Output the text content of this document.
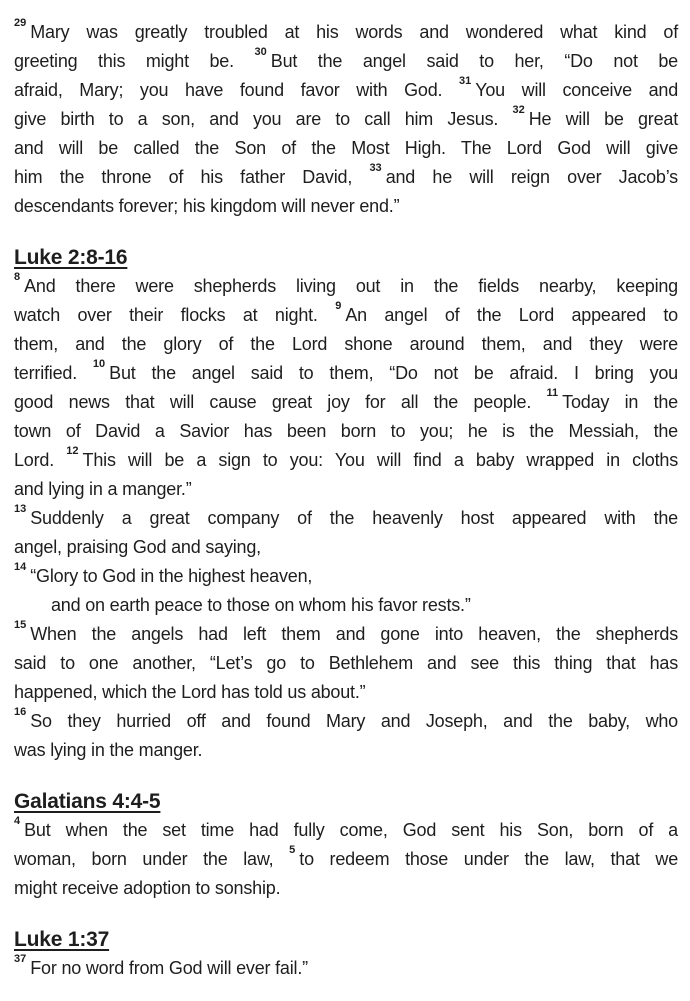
$^{29}$ Mary was greatly troubled at his words and wondered what kind of
greeting this might be. $^{30}$ But the angel said to her, “Do not be
afraid, Mary; you have found favor with God. $^{31}$ You will conceive and
give birth to a son, and you are to call him Jesus. $^{32}$ He will be great
and will be called the Son of the Most High. The Lord God will give
him the throne of his father David, $^{33}$ and he will reign over Jacob’s
descendants forever; his kingdom will never end.”
Luke 2:8-16
$^8$ And there were shepherds living out in the fields nearby, keeping
watch over their flocks at night. $^9$ An angel of the Lord appeared to
them, and the glory of the Lord shone around them, and they were
terrified. $^{10}$ But the angel said to them, “Do not be afraid. I bring you
good news that will cause great joy for all the people. $^{11}$ Today in the
town of David a Savior has been born to you; he is the Messiah, the
Lord. $^{12}$ This will be a sign to you: You will find a baby wrapped in cloths
and lying in a manger.”
$^{13}$ Suddenly a great company of the heavenly host appeared with the
angel, praising God and saying,
$^{14}$ “Glory to God in the highest heaven,
and on earth peace to those on whom his favor rests.”
$^{15}$ When the angels had left them and gone into heaven, the shepherds
said to one another, “Let’s go to Bethlehem and see this thing that has
happened, which the Lord has told us about.”
$^{16}$ So they hurried off and found Mary and Joseph, and the baby, who
was lying in the manger.
Galatians 4:4-5
$^4$ But when the set time had fully come, God sent his Son, born of a
woman, born under the law, $^5$ to redeem those under the law, that we
might receive adoption to sonship.
Luke 1:37
$^{37}$ For no word from God will ever fail.”
